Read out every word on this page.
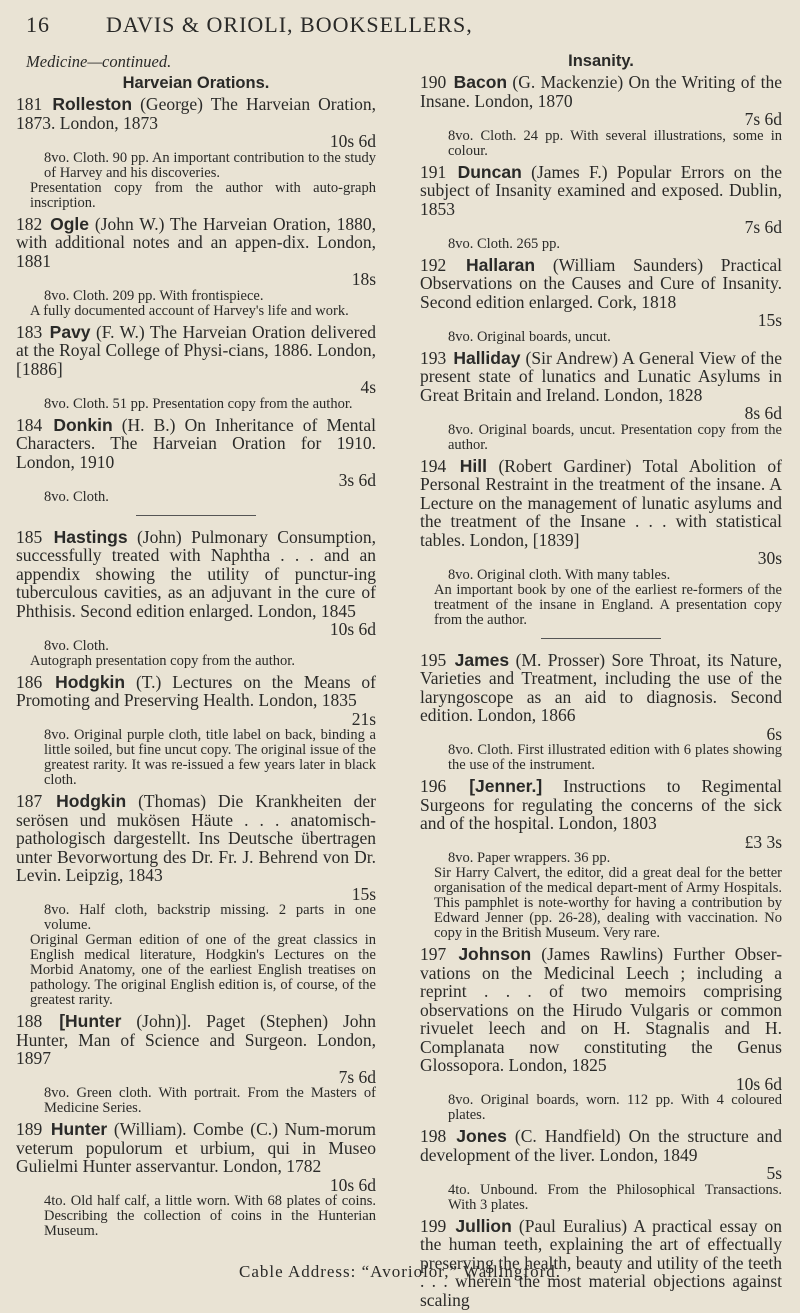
16	DAVIS & ORIOLI, BOOKSELLERS,
Medicine—continued.
Harveian Orations.
181 Rolleston (George) The Harveian Oration, 1873. London, 1873
10s 6d
8vo. Cloth. 90 pp. An important contribution to the study of Harvey and his discoveries.
Presentation copy from the author with auto-graph inscription.
182 Ogle (John W.) The Harveian Oration, 1880, with additional notes and an appen-dix. London, 1881
18s
8vo. Cloth. 209 pp. With frontispiece.
A fully documented account of Harvey's life and work.
183 Pavy (F. W.) The Harveian Oration delivered at the Royal College of Physi-cians, 1886. London, [1886]
4s
8vo. Cloth. 51 pp. Presentation copy from the author.
184 Donkin (H. B.) On Inheritance of Mental Characters. The Harveian Oration for 1910. London, 1910
3s 6d
8vo. Cloth.
185 Hastings (John) Pulmonary Consumption, successfully treated with Naphtha . . . and an appendix showing the utility of punctur-ing tuberculous cavities, as an adjuvant in the cure of Phthisis. Second edition enlarged. London, 1845
10s 6d
8vo. Cloth.
Autograph presentation copy from the author.
186 Hodgkin (T.) Lectures on the Means of Promoting and Preserving Health. London, 1835
21s
8vo. Original purple cloth, title label on back, binding a little soiled, but fine uncut copy. The original issue of the greatest rarity. It was re-issued a few years later in black cloth.
187 Hodgkin (Thomas) Die Krankheiten der serösen und mukösen Häute . . . anatomisch-pathologisch dargestellt. Ins Deutsche übertragen unter Bevorwortung des Dr. Fr. J. Behrend von Dr. Levin. Leipzig, 1843
15s
8vo. Half cloth, backstrip missing. 2 parts in one volume.
Original German edition of one of the great classics in English medical literature, Hodgkin's Lectures on the Morbid Anatomy, one of the earliest English treatises on pathology. The original English edition is, of course, of the greatest rarity.
188 [Hunter (John)]. Paget (Stephen) John Hunter, Man of Science and Surgeon. London, 1897
7s 6d
8vo. Green cloth. With portrait. From the Masters of Medicine Series.
189 Hunter (William). Combe (C.) Num-morum veterum populorum et urbium, qui in Museo Gulielmi Hunter asservantur. London, 1782
10s 6d
4to. Old half calf, a little worn. With 68 plates of coins. Describing the collection of coins in the Hunterian Museum.
Insanity.
190 Bacon (G. Mackenzie) On the Writing of the Insane. London, 1870
7s 6d
8vo. Cloth. 24 pp. With several illustrations, some in colour.
191 Duncan (James F.) Popular Errors on the subject of Insanity examined and exposed. Dublin, 1853
7s 6d
8vo. Cloth. 265 pp.
192 Hallaran (William Saunders) Practical Observations on the Causes and Cure of Insanity. Second edition enlarged. Cork, 1818
15s
8vo. Original boards, uncut.
193 Halliday (Sir Andrew) A General View of the present state of lunatics and Lunatic Asylums in Great Britain and Ireland. London, 1828
8s 6d
8vo. Original boards, uncut. Presentation copy from the author.
194 Hill (Robert Gardiner) Total Abolition of Personal Restraint in the treatment of the insane. A Lecture on the management of lunatic asylums and the treatment of the Insane . . . with statistical tables. London, [1839]
30s
8vo. Original cloth. With many tables.
An important book by one of the earliest re-formers of the treatment of the insane in England. A presentation copy from the author.
195 James (M. Prosser) Sore Throat, its Nature, Varieties and Treatment, including the use of the laryngoscope as an aid to diagnosis. Second edition. London, 1866
6s
8vo. Cloth. First illustrated edition with 6 plates showing the use of the instrument.
196 [Jenner.] Instructions to Regimental Surgeons for regulating the concerns of the sick and of the hospital. London, 1803
£3 3s
8vo. Paper wrappers. 36 pp.
Sir Harry Calvert, the editor, did a great deal for the better organisation of the medical depart-ment of Army Hospitals. This pamphlet is note-worthy for having a contribution by Edward Jenner (pp. 26-28), dealing with vaccination. No copy in the British Museum. Very rare.
197 Johnson (James Rawlins) Further Obser-vations on the Medicinal Leech ; including a reprint . . . of two memoirs comprising observations on the Hirudo Vulgaris or common rivuelet leech and on H. Stagnalis and H. Complanata now constituting the Genus Glossopora. London, 1825
10s 6d
8vo. Original boards, worn. 112 pp. With 4 coloured plates.
198 Jones (C. Handfield) On the structure and development of the liver. London, 1849
5s
4to. Unbound. From the Philosophical Transactions. With 3 plates.
199 Jullion (Paul Euralius) A practical essay on the human teeth, explaining the art of effectually preserving the health, beauty and utility of the teeth . . . wherein the most material objections against scaling
Cable Address: “Avoriolor,” Wallingford.
